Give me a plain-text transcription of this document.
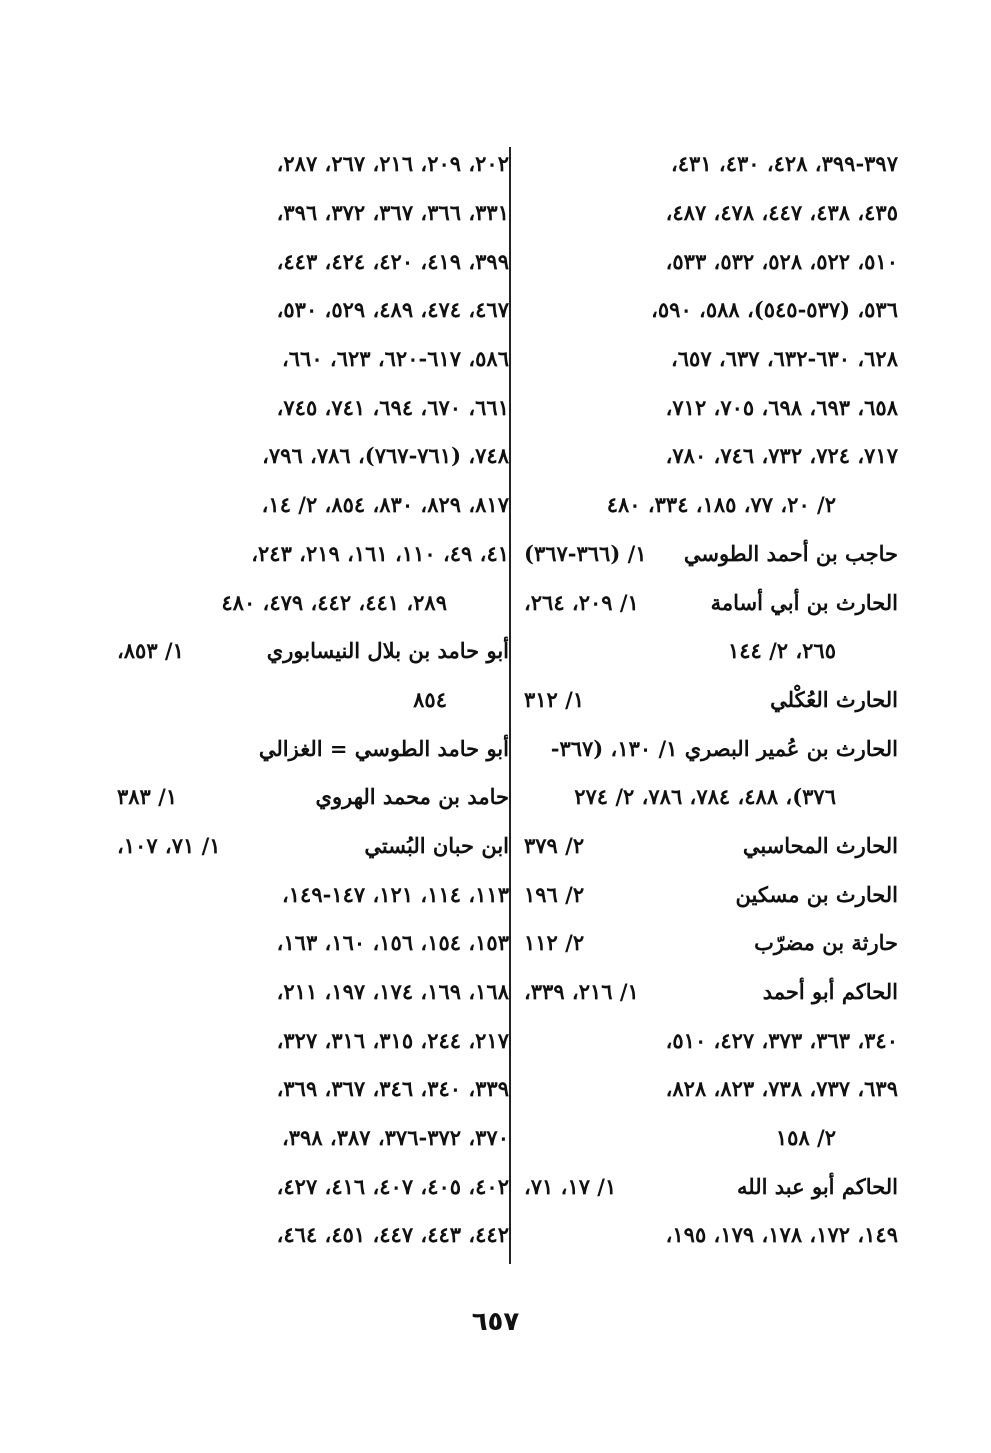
٣٩٧-٣٩٩، ٤٢٨، ٤٣٠، ٤٣١،
٤٣٥، ٤٣٨، ٤٤٧، ٤٧٨، ٤٨٧،
٥١٠، ٥٢٢، ٥٢٨، ٥٣٢، ٥٣٣،
٥٣٦، (٥٣٧-٥٤٥)، ٥٨٨، ٥٩٠،
٦٢٨، ٦٣٠-٦٣٢، ٦٣٧، ٦٥٧،
٦٥٨، ٦٩٣، ٦٩٨، ٧٠٥، ٧١٢،
٧١٧، ٧٢٤، ٧٣٢، ٧٤٦، ٧٨٠،
٢/ ٢٠، ٧٧، ١٨٥، ٣٣٤، ٤٨٠
حاجب بن أحمد الطوسي
١/ (٣٦٦-٣٦٧)
الحارث بن أبي أسامة
١/ ٢٠٩، ٢٦٤،
٢٦٥، ٢/ ١٤٤
الحارث العُكْلي
١/ ٣١٢
الحارث بن عُمير البصري ١/ ١٣٠، (٣٦٧-
٣٧٦)، ٤٨٨، ٧٨٤، ٧٨٦، ٢/ ٢٧٤
الحارث المحاسبي
٢/ ٣٧٩
الحارث بن مسكين
٢/ ١٩٦
حارثة بن مضرّب
٢/ ١١٢
الحاكم أبو أحمد
١/ ٢١٦، ٣٣٩،
٣٤٠، ٣٦٣، ٣٧٣، ٤٢٧، ٥١٠،
٦٣٩، ٧٣٧، ٧٣٨، ٨٢٣، ٨٢٨،
٢/ ١٥٨
الحاكم أبو عبد الله
١/ ١٧، ٧١،
١٤٩، ١٧٢، ١٧٨، ١٧٩، ١٩٥،
٢٠٢، ٢٠٩، ٢١٦، ٢٦٧، ٢٨٧،
٣٣١، ٣٦٦، ٣٦٧، ٣٧٢، ٣٩٦،
٣٩٩، ٤١٩، ٤٢٠، ٤٢٤، ٤٤٣،
٤٦٧، ٤٧٤، ٤٨٩، ٥٢٩، ٥٣٠،
٥٨٦، ٦١٧-٦٢٠، ٦٢٣، ٦٦٠،
٦٦١، ٦٧٠، ٦٩٤، ٧٤١، ٧٤٥،
٧٤٨، (٧٦١-٧٦٧)، ٧٨٦، ٧٩٦،
٨١٧، ٨٢٩، ٨٣٠، ٨٥٤، ٢/ ١٤،
٤١، ٤٩، ١١٠، ١٦١، ٢١٩، ٢٤٣،
٢٨٩، ٤٤١، ٤٤٢، ٤٧٩، ٤٨٠
أبو حامد بن بلال النيسابوري
١/ ٨٥٣،
٨٥٤
أبو حامد الطوسي = الغزالي
حامد بن محمد الهروي
١/ ٣٨٣
ابن حبان البُستي
١/ ٧١، ١٠٧،
١١٣، ١١٤، ١٢١، ١٤٧-١٤٩،
١٥٣، ١٥٤، ١٥٦، ١٦٠، ١٦٣،
١٦٨، ١٦٩، ١٧٤، ١٩٧، ٢١١،
٢١٧، ٢٤٤، ٣١٥، ٣١٦، ٣٢٧،
٣٣٩، ٣٤٠، ٣٤٦، ٣٦٧، ٣٦٩،
٣٧٠، ٣٧٢-٣٧٦، ٣٨٧، ٣٩٨،
٤٠٢، ٤٠٥، ٤٠٧، ٤١٦، ٤٢٧،
٤٤٢، ٤٤٣، ٤٤٧، ٤٥١، ٤٦٤،
٦٥٧
